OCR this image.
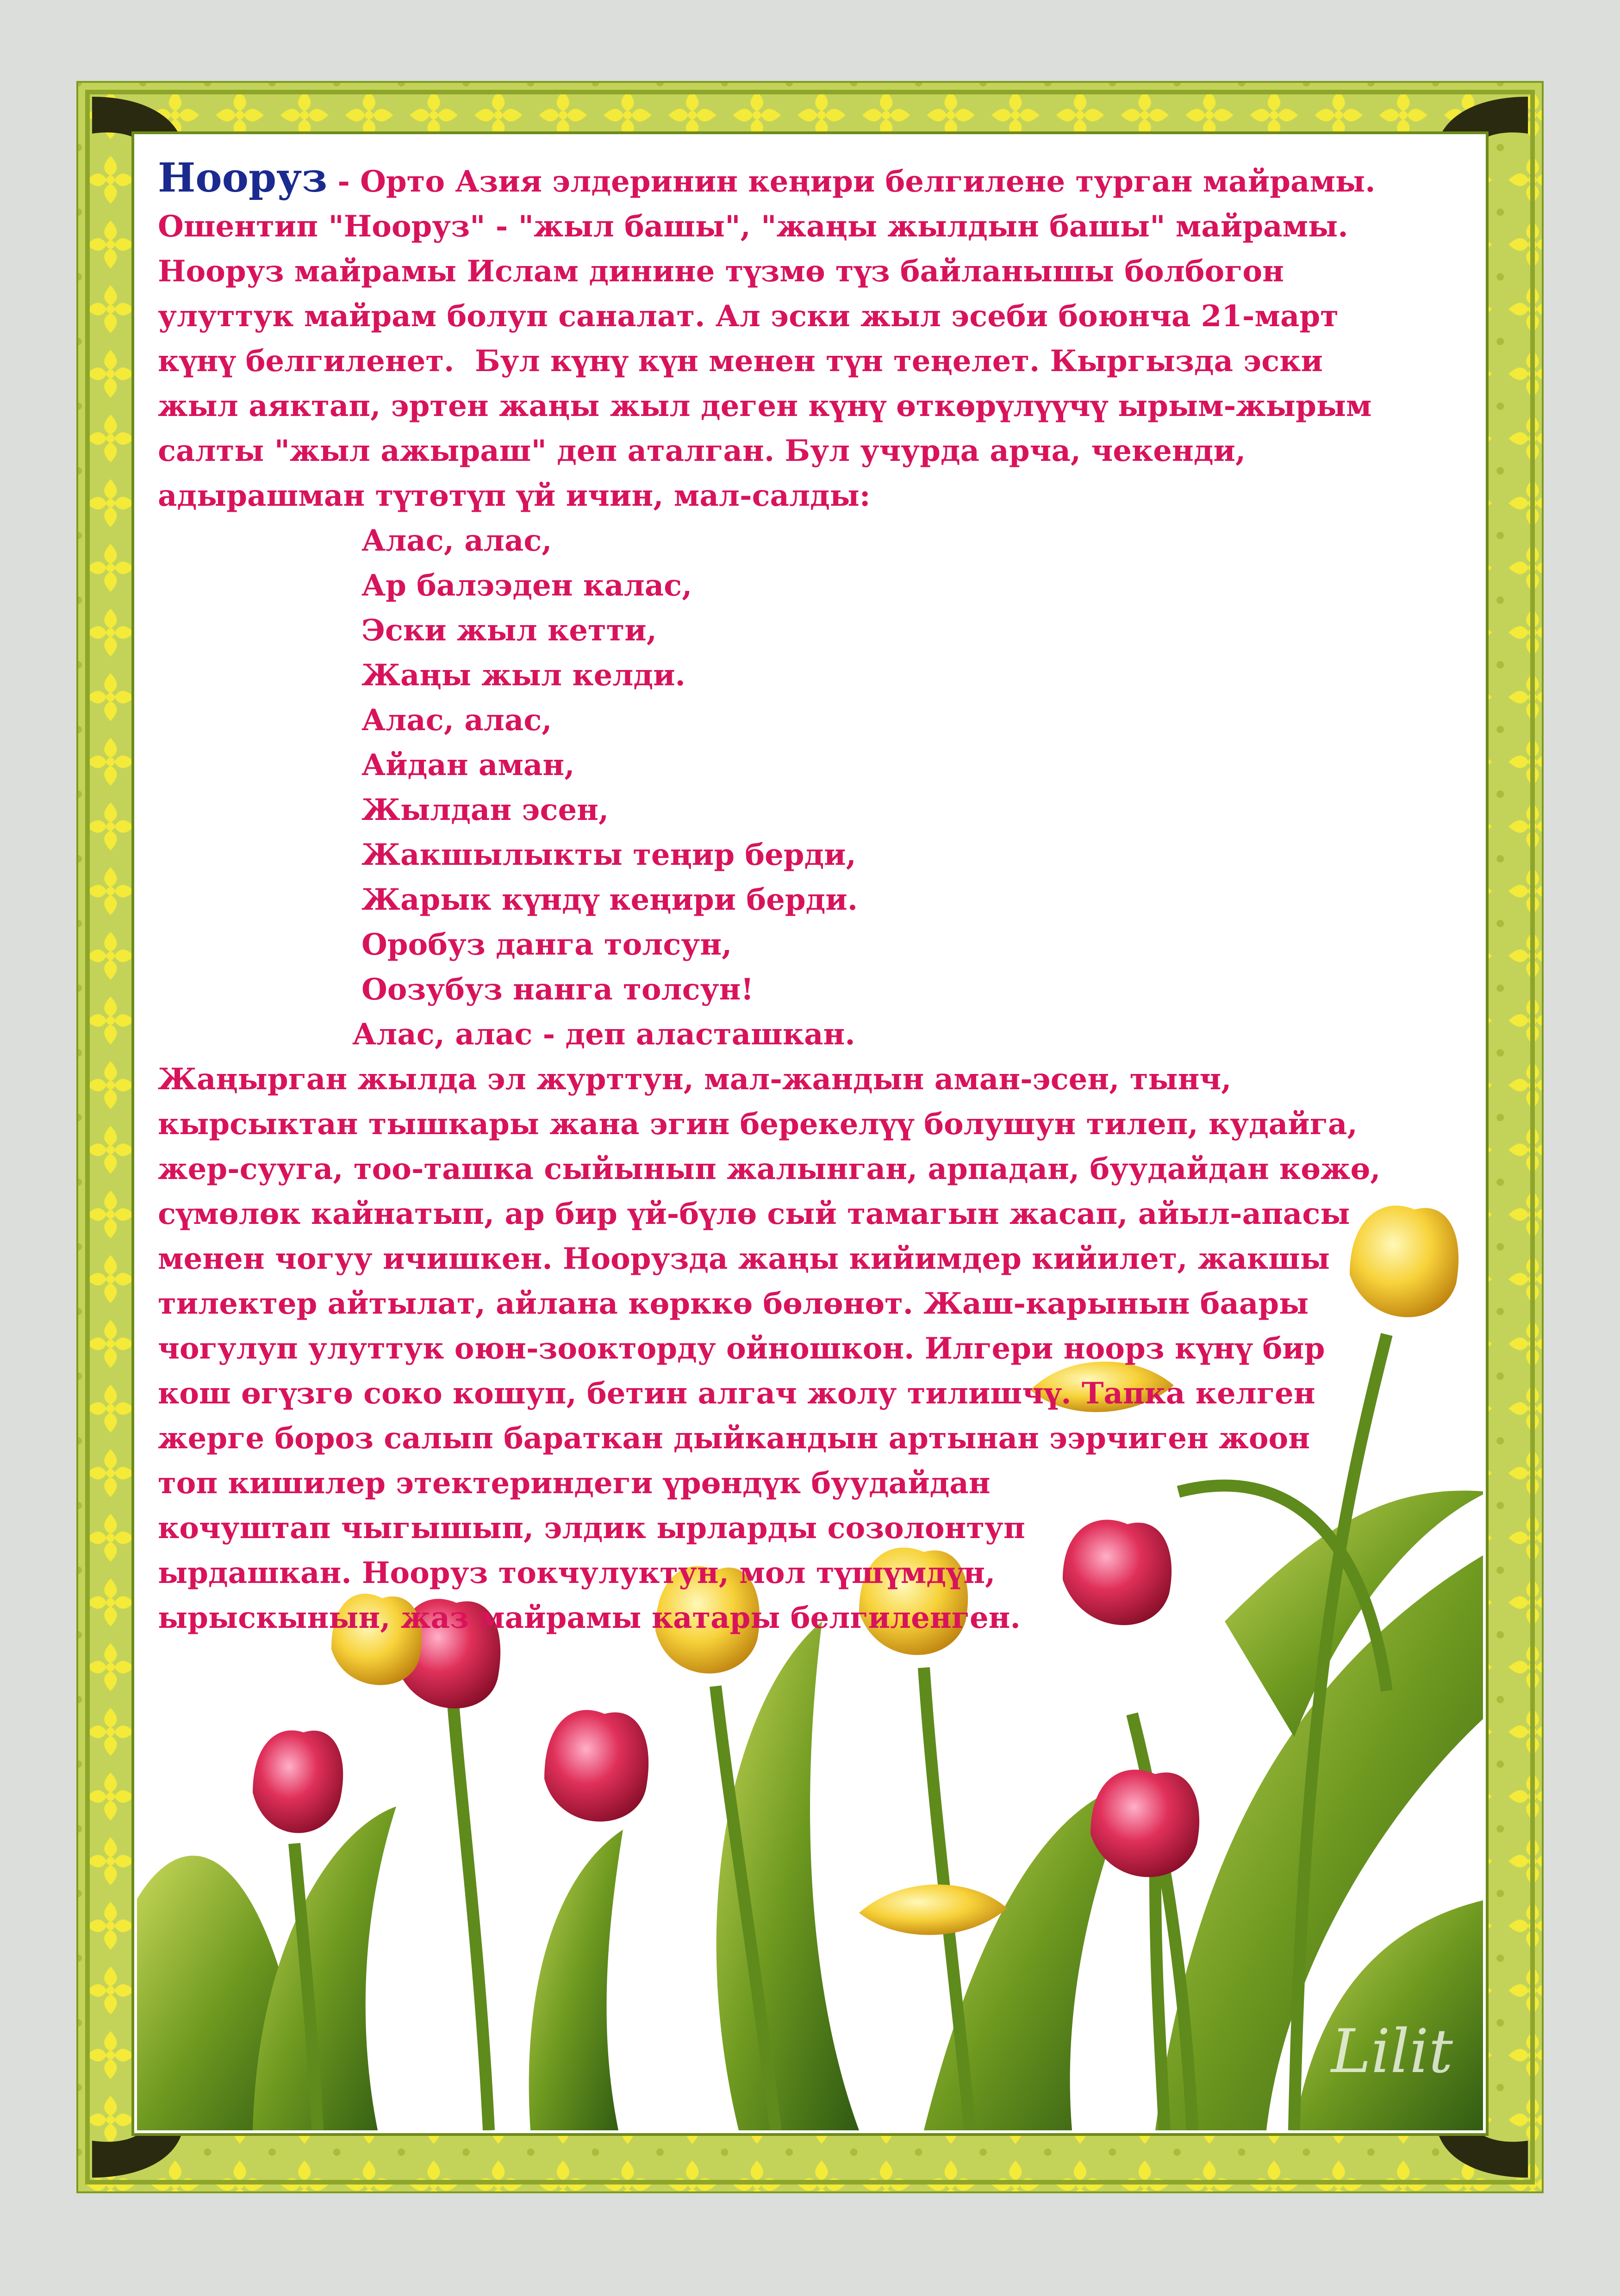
Нооруз - Орто Азия элдеринин кеңири белгилене турган майрамы.

Ошентип "Нооруз" - "жыл башы", "жаңы жылдын башы" майрамы.

Нооруз майрамы Ислам динине түзмө түз байланышы болбогон

улуттук майрам болуп саналат. Ал эски жыл эсеби боюнча 21-март

күнү белгиленет.  Бул күнү күн менен түн теңелет. Кыргызда эски

жыл аяктап, эртен жаңы жыл деген күнү өткөрүлүүчү ырым-жырым

салты "жыл ажыраш" деп аталган. Бул учурда арча, чекенди,

адырашман түтөтүп үй ичин, мал-салды:

Алас, алас,

Ар балээден калас,

Эски жыл кетти,

Жаңы жыл келди.

Алас, алас,

Айдан аман,

Жылдан эсен,

Жакшылыкты теңир берди,

Жарык күндү кеңири берди.

Оробуз данга толсун,

Оозубуз нанга толсун!

Алас, алас - деп аласташкан.

Жаңырган жылда эл журттун, мал-жандын аман-эсен, тынч,

кырсыктан тышкары жана эгин берекелүү болушун тилеп, кудайга,

жер-сууга, тоо-ташка сыйынып жалынган, арпадан, буудайдан көжө,

сүмөлөк кайнатып, ар бир үй-бүлө сый тамагын жасап, айыл-апасы

менен чогуу ичишкен. Ноорузда жаңы кийимдер кийилет, жакшы

тилектер айтылат, айлана көрккө бөлөнөт. Жаш-карынын баары

чогулуп улуттук оюн-зоокторду ойношкон. Илгери ноорз күнү бир

кош өгүзгө соко кошуп, бетин алгач жолу тилишчү. Тапка келген

жерге бороз салып бараткан дыйкандын артынан ээрчиген жоон

топ кишилер этектериндеги үрөндүк буудайдан

кочуштап чыгышып, элдик ырларды созолонтуп

ырдашкан. Нооруз токчулуктун, мол түшүмдүн,

ырыскынын, жаз майрамы катары белгиленген.

Lilit
